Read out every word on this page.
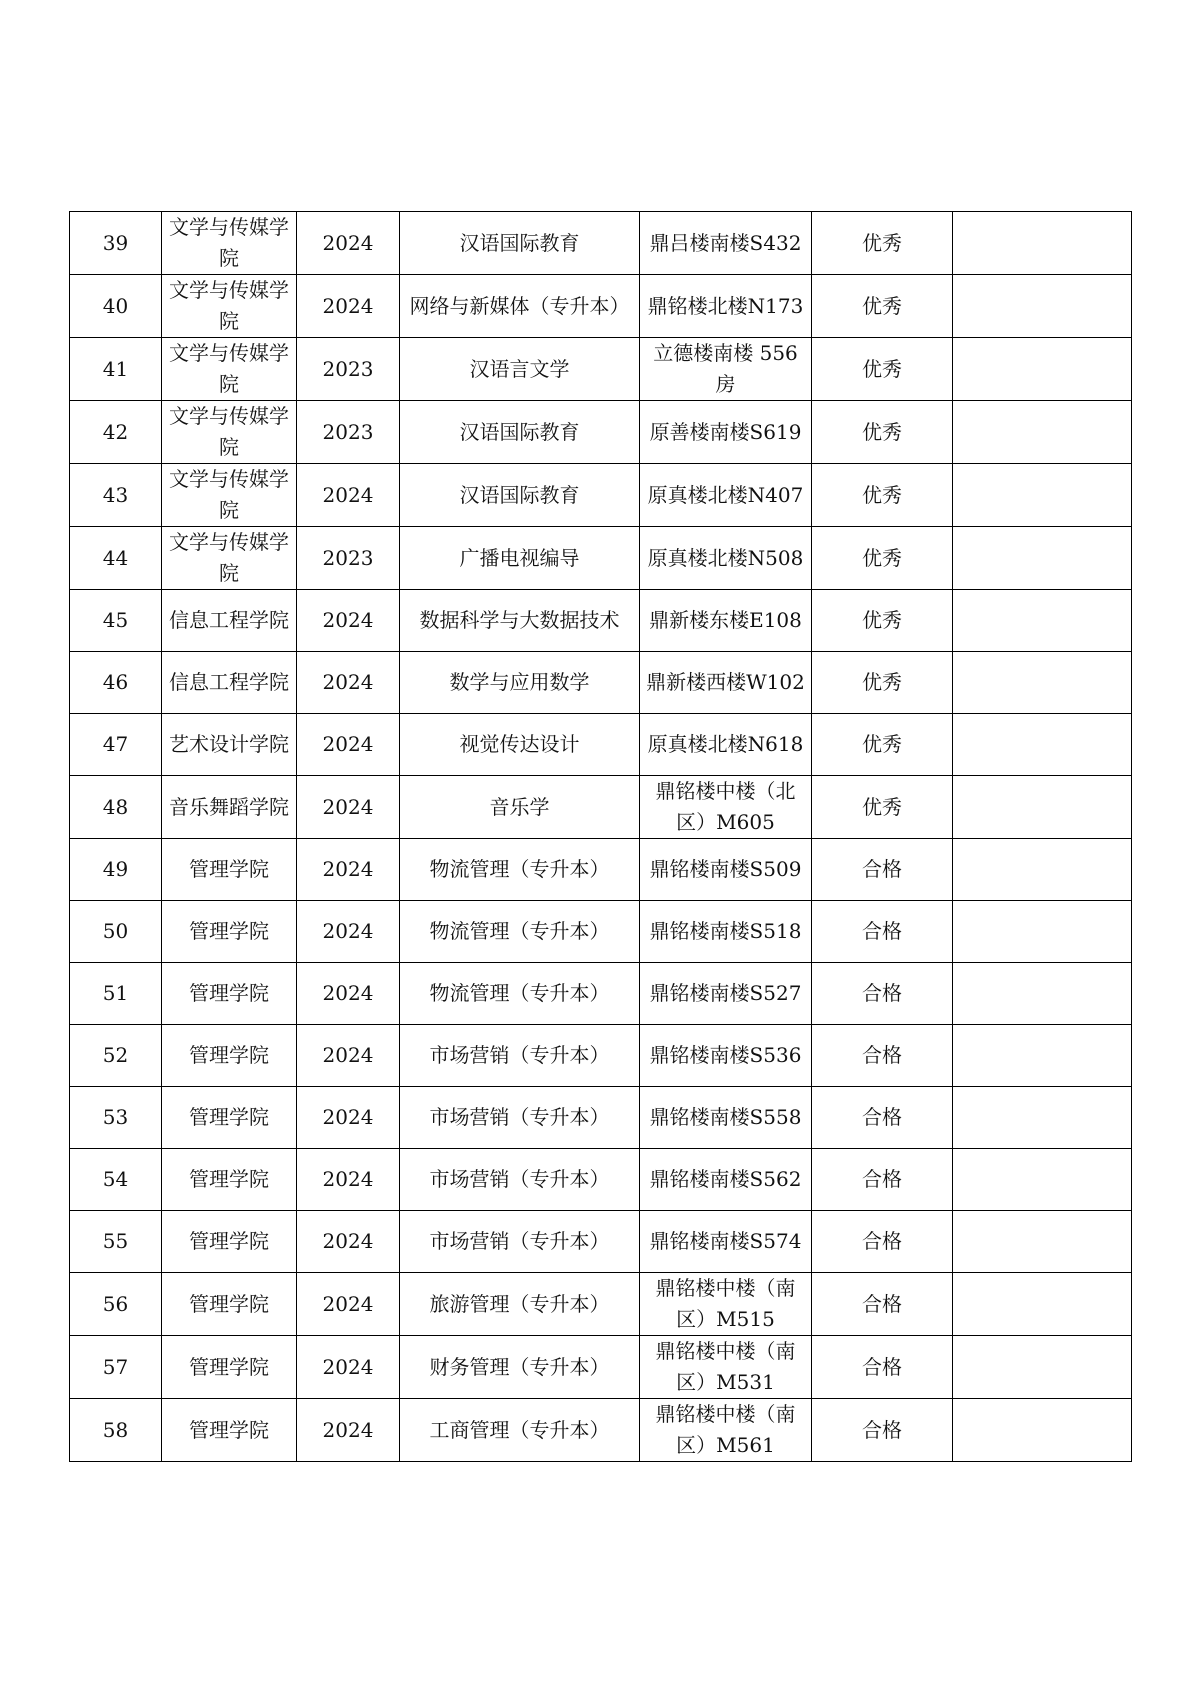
39	文学与传媒学院	2024	汉语国际教育	鼎吕楼南楼S432	优秀	
40	文学与传媒学院	2024	网络与新媒体（专升本）	鼎铭楼北楼N173	优秀	
41	文学与传媒学院	2023	汉语言文学	立德楼南楼 556房	优秀	
42	文学与传媒学院	2023	汉语国际教育	原善楼南楼S619	优秀	
43	文学与传媒学院	2024	汉语国际教育	原真楼北楼N407	优秀	
44	文学与传媒学院	2023	广播电视编导	原真楼北楼N508	优秀	
45	信息工程学院	2024	数据科学与大数据技术	鼎新楼东楼E108	优秀	
46	信息工程学院	2024	数学与应用数学	鼎新楼西楼W102	优秀	
47	艺术设计学院	2024	视觉传达设计	原真楼北楼N618	优秀	
48	音乐舞蹈学院	2024	音乐学	鼎铭楼中楼（北区）M605	优秀	
49	管理学院	2024	物流管理（专升本）	鼎铭楼南楼S509	合格	
50	管理学院	2024	物流管理（专升本）	鼎铭楼南楼S518	合格	
51	管理学院	2024	物流管理（专升本）	鼎铭楼南楼S527	合格	
52	管理学院	2024	市场营销（专升本）	鼎铭楼南楼S536	合格	
53	管理学院	2024	市场营销（专升本）	鼎铭楼南楼S558	合格	
54	管理学院	2024	市场营销（专升本）	鼎铭楼南楼S562	合格	
55	管理学院	2024	市场营销（专升本）	鼎铭楼南楼S574	合格	
56	管理学院	2024	旅游管理（专升本）	鼎铭楼中楼（南区）M515	合格	
57	管理学院	2024	财务管理（专升本）	鼎铭楼中楼（南区）M531	合格	
58	管理学院	2024	工商管理（专升本）	鼎铭楼中楼（南区）M561	合格	
